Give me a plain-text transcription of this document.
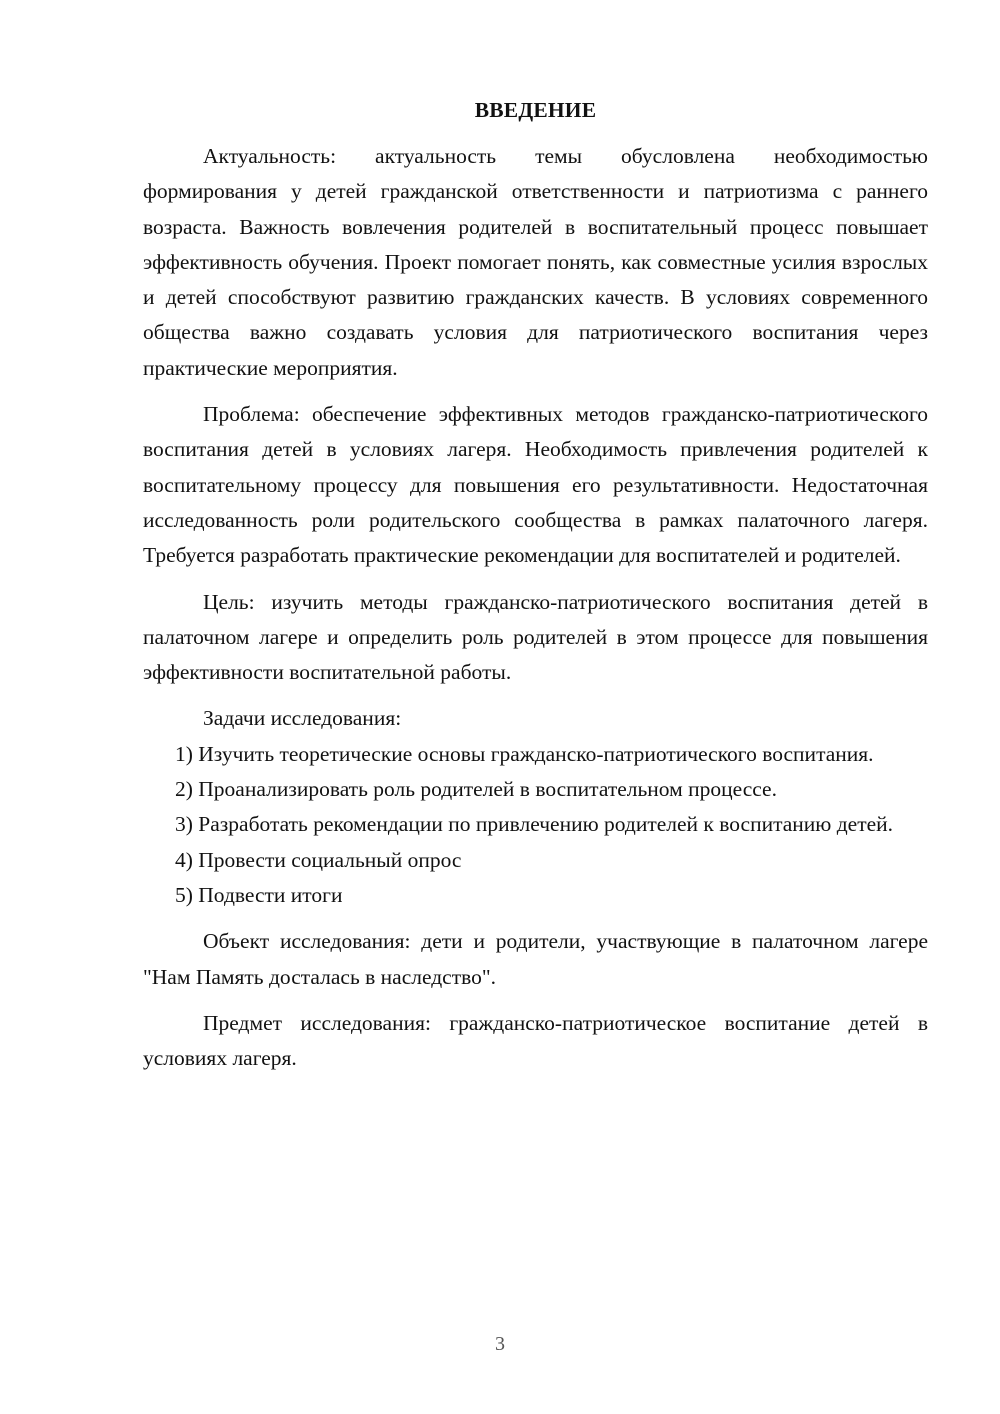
ВВЕДЕНИЕ

Актуальность: актуальность темы обусловлена необходимостью формирования у детей гражданской ответственности и патриотизма с раннего возраста. Важность вовлечения родителей в воспитательный процесс повышает эффективность обучения. Проект помогает понять, как совместные усилия взрослых и детей способствуют развитию гражданских качеств. В условиях современного общества важно создавать условия для патриотического воспитания через практические мероприятия.

Проблема: обеспечение эффективных методов гражданско-патриотического воспитания детей в условиях лагеря. Необходимость привлечения родителей к воспитательному процессу для повышения его результативности. Недостаточная исследованность роли родительского сообщества в рамках палаточного лагеря. Требуется разработать практические рекомендации для воспитателей и родителей.

Цель: изучить методы гражданско-патриотического воспитания детей в палаточном лагере и определить роль родителей в этом процессе для повышения эффективности воспитательной работы.

Задачи исследования:

1) Изучить теоретические основы гражданско-патриотического воспитания.

2) Проанализировать роль родителей в воспитательном процессе.

3) Разработать рекомендации по привлечению родителей к воспитанию детей.

4) Провести социальный опрос

5) Подвести итоги

Объект исследования: дети и родители, участвующие в палаточном лагере "Нам Память досталась в наследство".

Предмет исследования: гражданско-патриотическое воспитание детей в условиях лагеря.

3
